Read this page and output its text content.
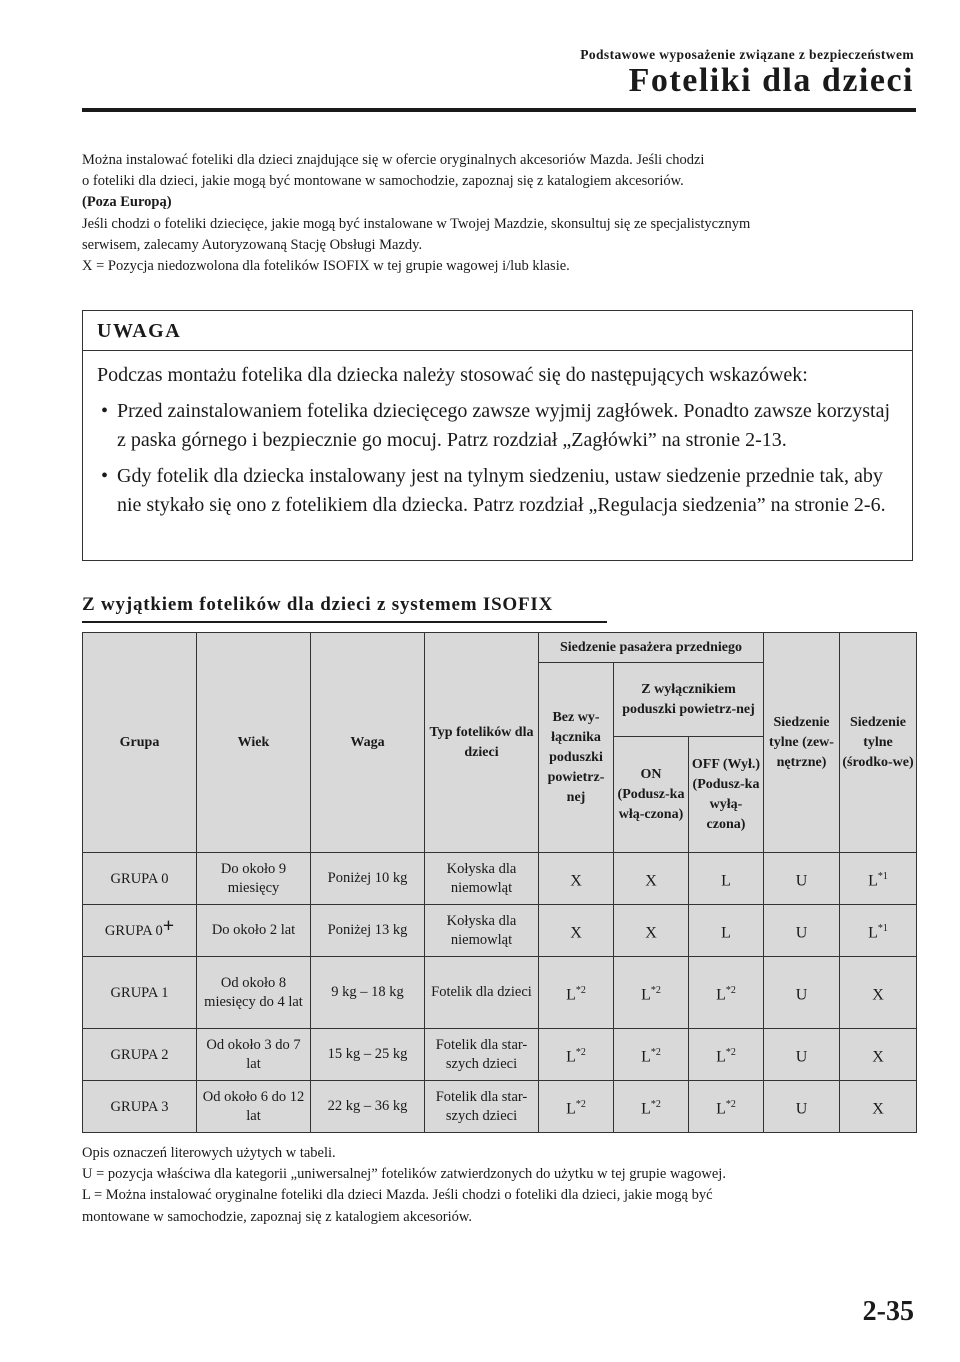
Podstawowe wyposażenie związane z bezpieczeństwem
Foteliki dla dzieci

Można instalować foteliki dla dzieci znajdujące się w ofercie oryginalnych akcesoriów Mazda. Jeśli chodzi

o foteliki dla dzieci, jakie mogą być montowane w samochodzie, zapoznaj się z katalogiem akcesoriów.

(Poza Europą)

Jeśli chodzi o foteliki dziecięce, jakie mogą być instalowane w Twojej Mazdzie, skonsultuj się ze specjalistycznym

serwisem, zalecamy Autoryzowaną Stację Obsługi Mazdy.

X = Pozycja niedozwolona dla fotelików ISOFIX w tej grupie wagowej i/lub klasie.

UWAGA

Podczas montażu fotelika dla dziecka należy stosować się do następujących wskazówek:

• Przed zainstalowaniem fotelika dziecięcego zawsze wyjmij zagłówek. Ponadto zawsze korzystaj z paska górnego i bezpiecznie go mocuj. Patrz rozdział „Zagłówki” na stronie 2-13.
• Gdy fotelik dla dziecka instalowany jest na tylnym siedzeniu, ustaw siedzenie przednie tak, aby nie stykało się ono z fotelikiem dla dziecka. Patrz rozdział „Regulacja siedzenia” na stronie 2-6.
Z wyjątkiem fotelików dla dzieci z systemem ISOFIX
Grupa	Wiek	Waga	Typ fotelików dla dzieci	Siedzenie pasażera przedniego			Siedzenie tylne (zew-nętrzne)	Siedzenie tylne (środko-we)
				Bez wy-łącznika poduszki powietrz-nej	Z wyłącznikiem poduszki powietrz-nej			
					ON (Podusz-ka włą-czona)	OFF (Wył.) (Podusz-ka wyłą-czona)		
GRUPA 0	Do około 9 miesięcy	Poniżej 10 kg	Kołyska dla niemowląt	X	X	L	U	$L^{*1}$
GRUPA 0+	Do około 2 lat	Poniżej 13 kg	Kołyska dla niemowląt	X	X	L	U	$L^{*1}$
GRUPA 1	Od około 8 miesięcy do 4 lat	9 kg – 18 kg	Fotelik dla dzieci	$L^{*2}$	$L^{*2}$	$L^{*2}$	U	X
GRUPA 2	Od około 3 do 7 lat	15 kg – 25 kg	Fotelik dla star-szych dzieci	$L^{*2}$	$L^{*2}$	$L^{*2}$	U	X
GRUPA 3	Od około 6 do 12 lat	22 kg – 36 kg	Fotelik dla star-szych dzieci	$L^{*2}$	$L^{*2}$	$L^{*2}$	U	X

Opis oznaczeń literowych użytych w tabeli.

U = pozycja właściwa dla kategorii „uniwersalnej” fotelików zatwierdzonych do użytku w tej grupie wagowej.

L = Można instalować oryginalne foteliki dla dzieci Mazda. Jeśli chodzi o foteliki dla dzieci, jakie mogą być

montowane w samochodzie, zapoznaj się z katalogiem akcesoriów.

2-35
